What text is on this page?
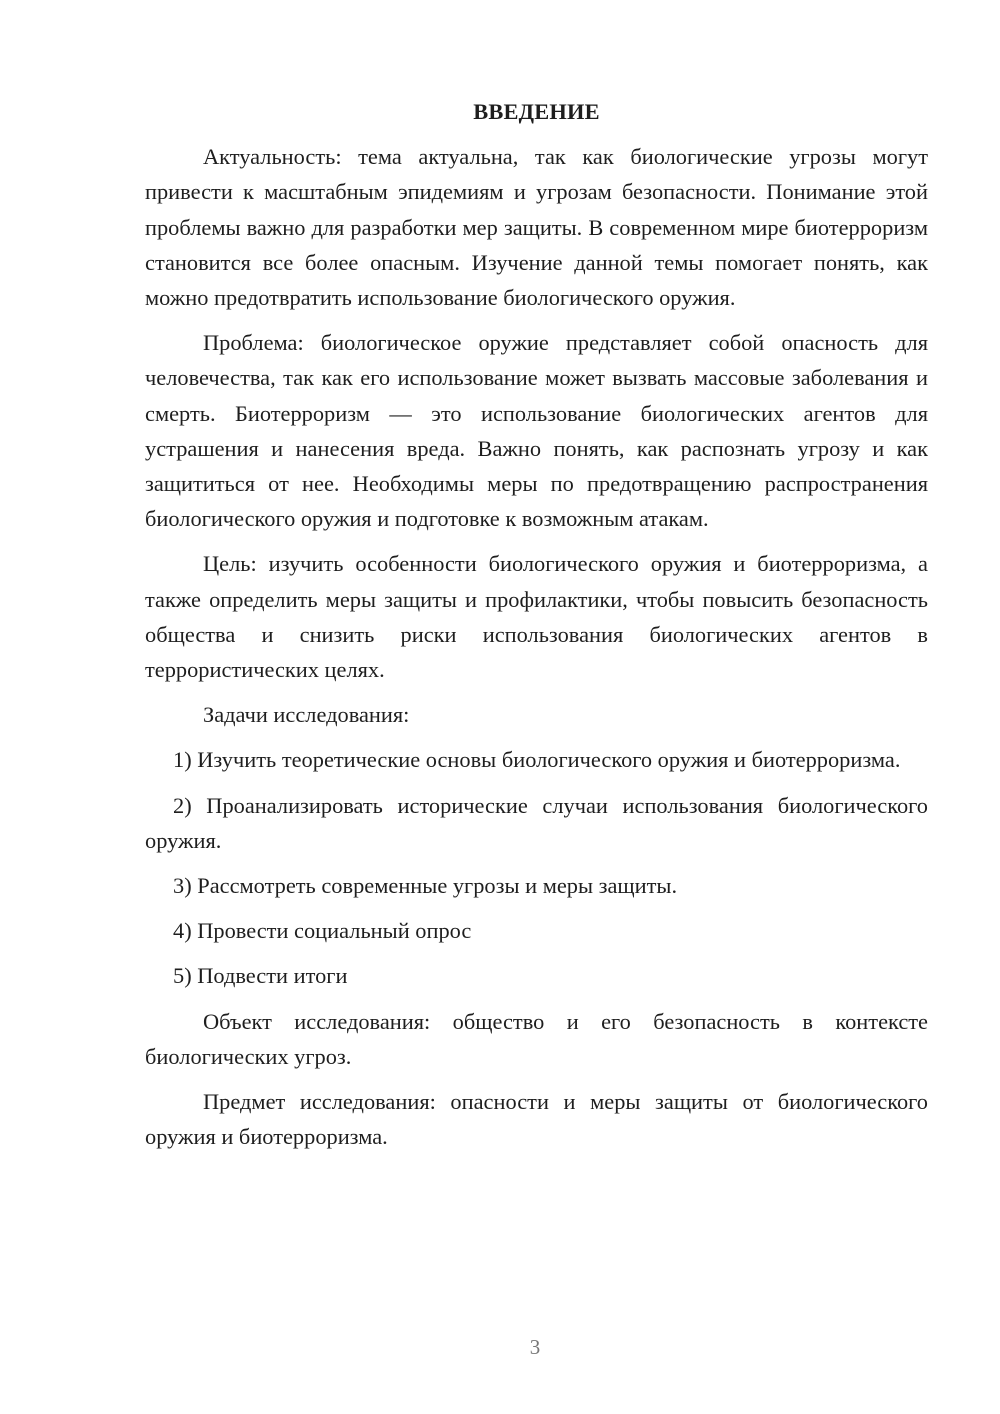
ВВЕДЕНИЕ

Актуальность: тема актуальна, так как биологические угрозы могут привести к масштабным эпидемиям и угрозам безопасности. Понимание этой проблемы важно для разработки мер защиты. В современном мире биотерроризм становится все более опасным. Изучение данной темы помогает понять, как можно предотвратить использование биологического оружия.

Проблема: биологическое оружие представляет собой опасность для человечества, так как его использование может вызвать массовые заболевания и смерть. Биотерроризм — это использование биологических агентов для устрашения и нанесения вреда. Важно понять, как распознать угрозу и как защититься от нее. Необходимы меры по предотвращению распространения биологического оружия и подготовке к возможным атакам.

Цель: изучить особенности биологического оружия и биотерроризма, а также определить меры защиты и профилактики, чтобы повысить безопасность общества и снизить риски использования биологических агентов в террористических целях.

Задачи исследования:

1) Изучить теоретические основы биологического оружия и биотерроризма.

2) Проанализировать исторические случаи использования биологического оружия.

3) Рассмотреть современные угрозы и меры защиты.

4) Провести социальный опрос

5) Подвести итоги

Объект исследования: общество и его безопасность в контексте биологических угроз.

Предмет исследования: опасности и меры защиты от биологического оружия и биотерроризма.

3
